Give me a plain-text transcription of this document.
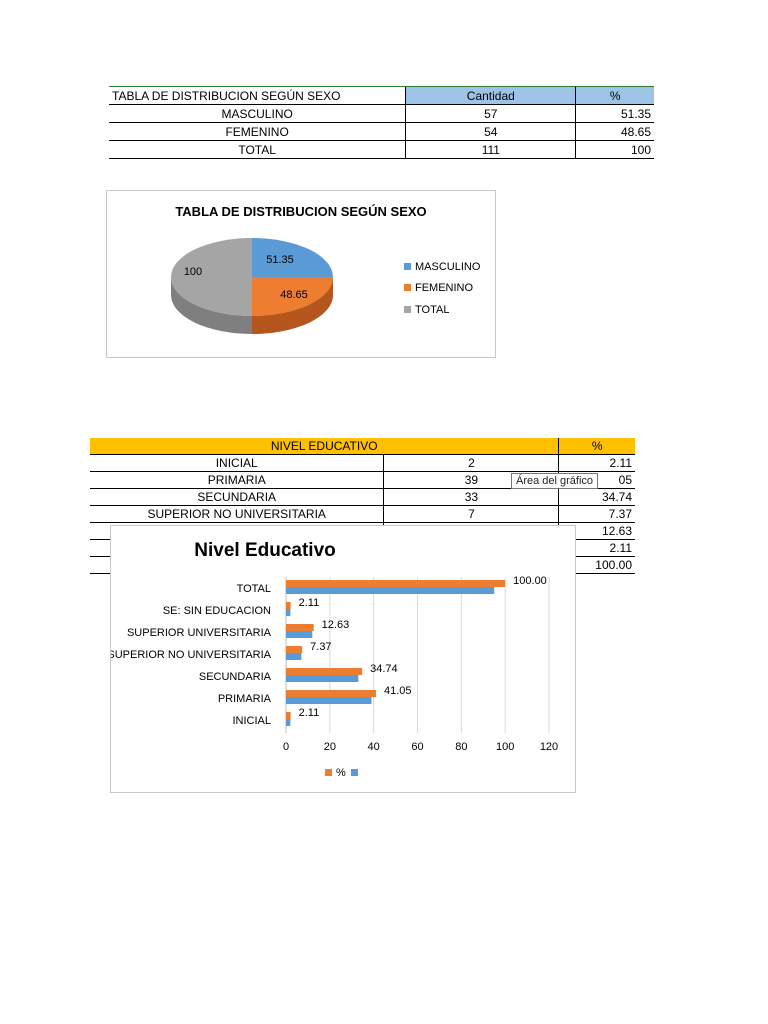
TABLA DE DISTRIBUCION SEGÚN SEXO	Cantidad	%
MASCULINO	57	51.35
FEMENINO	54	48.65
TOTAL	111	100
TABLA DE DISTRIBUCION SEGÚN SEXO
51.35
48.65
100	MASCULINO
FEMENINO
TOTAL
NIVEL EDUCATIVO		%
INICIAL	2	2.11
PRIMARIA	39	05
SECUNDARIA	33	34.74
SUPERIOR NO UNIVERSITARIA	7	7.37
		12.63
		2.11
		100.00
Área del gráfico
Nivel Educativo
100.00
2.11
12.63
7.37
34.74
41.05
2.11
TOTAL
SE: SIN EDUCACION
SUPERIOR UNIVERSITARIA
SUPERIOR NO UNIVERSITARIA
SECUNDARIA
PRIMARIA
INICIAL
0	20	40	60	80	100 120
%
